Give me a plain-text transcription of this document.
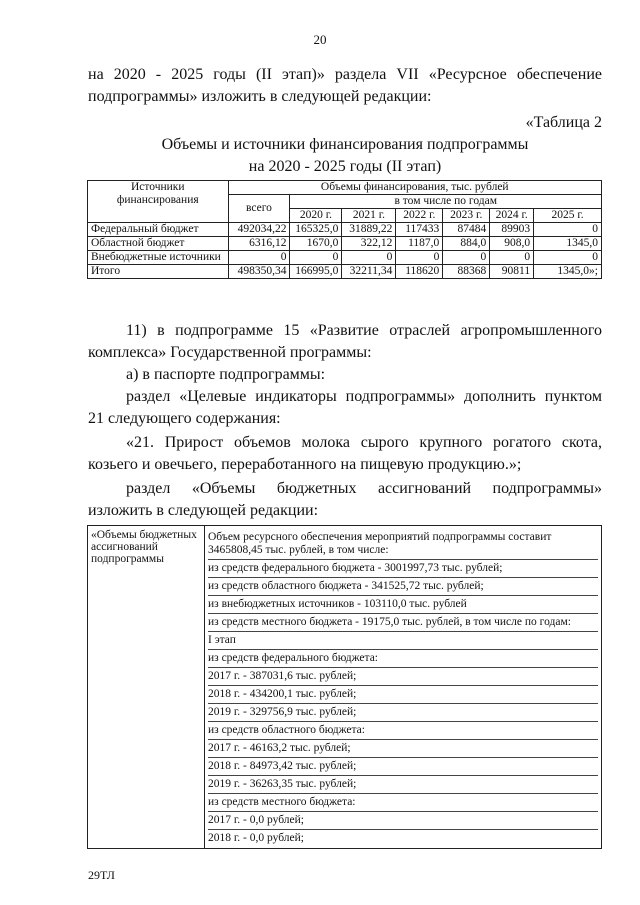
20
на 2020 - 2025 годы (II этап)» раздела VII «Ресурсное обеспечение
подпрограммы» изложить в следующей редакции:
«Таблица 2
Объемы и источники финансирования подпрограммы
на 2020 - 2025 годы (II этап)
Источники финансирования	Объемы финансирования, тыс. рублей						
	всего	в том числе по годам					
		2020 г.	2021 г.	2022 г.	2023 г.	2024 г.	2025 г.
Федеральный бюджет	492034,22	165325,0	31889,22	117433	87484	89903	0
Областной бюджет	6316,12	1670,0	322,12	1187,0	884,0	908,0	1345,0
Внебюджетные источники	0	0	0	0	0	0	0
Итого	498350,34	166995,0	32211,34	118620	88368	90811	1345,0»;
11) в подпрограмме 15 «Развитие отраслей агропромышленного
комплекса» Государственной программы:
а) в паспорте подпрограммы:
раздел «Целевые индикаторы подпрограммы» дополнить пунктом
21 следующего содержания:
«21. Прирост объемов молока сырого крупного рогатого скота,
козьего и овечьего, переработанного на пищевую продукцию.»;
раздел «Объемы бюджетных ассигнований подпрограммы»
изложить в следующей редакции:
«Объемы бюджетных ассигнований подпрограммы	
Объем ресурсного обеспечения мероприятий подпрограммы составит 3465808,45 тыс. рублей, в том числе:
из средств федерального бюджета - 3001997,73 тыс. рублей;
из средств областного бюджета - 341525,72 тыс. рублей;
из внебюджетных источников - 103110,0 тыс. рублей
из средств местного бюджета - 19175,0 тыс. рублей, в том числе по годам:
I этап
из средств федерального бюджета:
2017 г. - 387031,6 тыс. рублей;
2018 г. - 434200,1 тыс. рублей;
2019 г. - 329756,9 тыс. рублей;
из средств областного бюджета:
2017 г. - 46163,2 тыс. рублей;
2018 г. - 84973,42 тыс. рублей;
2019 г. - 36263,35 тыс. рублей;
из средств местного бюджета:
2017 г. - 0,0 рублей;
2018 г. - 0,0 рублей;
29ТЛ
